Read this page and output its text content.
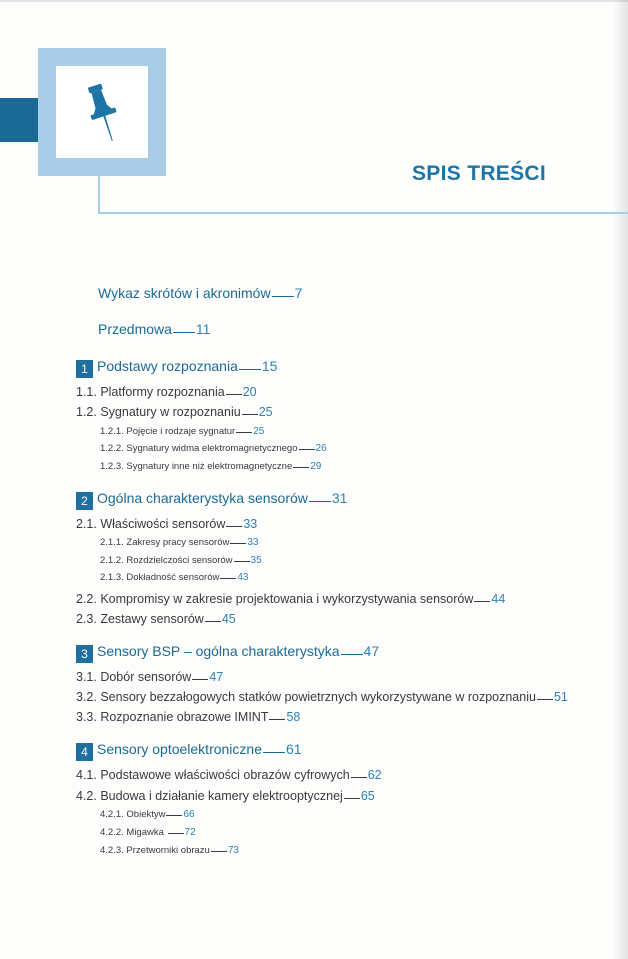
SPIS TREŚCI
Wykaz skrótów i akronimów 7
Przedmowa 11
1 Podstawy rozpoznania 15
1.1. Platformy rozpoznania 20
1.2. Sygnatury w rozpoznaniu 25
1.2.1. Pojęcie i rodzaje sygnatur 25
1.2.2. Sygnatury widma elektromagnetycznego 26
1.2.3. Sygnatury inne niż elektromagnetyczne 29
2 Ogólna charakterystyka sensorów 31
2.1. Właściwości sensorów 33
2.1.1. Zakresy pracy sensorów 33
2.1.2. Rozdzielczości sensorów 35
2.1.3. Dokładność sensorów 43
2.2. Kompromisy w zakresie projektowania i wykorzystywania sensorów 44
2.3. Zestawy sensorów 45
3 Sensory BSP – ogólna charakterystyka 47
3.1. Dobór sensorów 47
3.2. Sensory bezzałogowych statków powietrznych wykorzystywane w rozpoznaniu 51
3.3. Rozpoznanie obrazowe IMINT 58
4 Sensory optoelektroniczne 61
4.1. Podstawowe właściwości obrazów cyfrowych 62
4.2. Budowa i działanie kamery elektrooptycznej 65
4.2.1. Obiektyw 66
4.2.2. Migawka 72
4.2.3. Przetworniki obrazu 73
